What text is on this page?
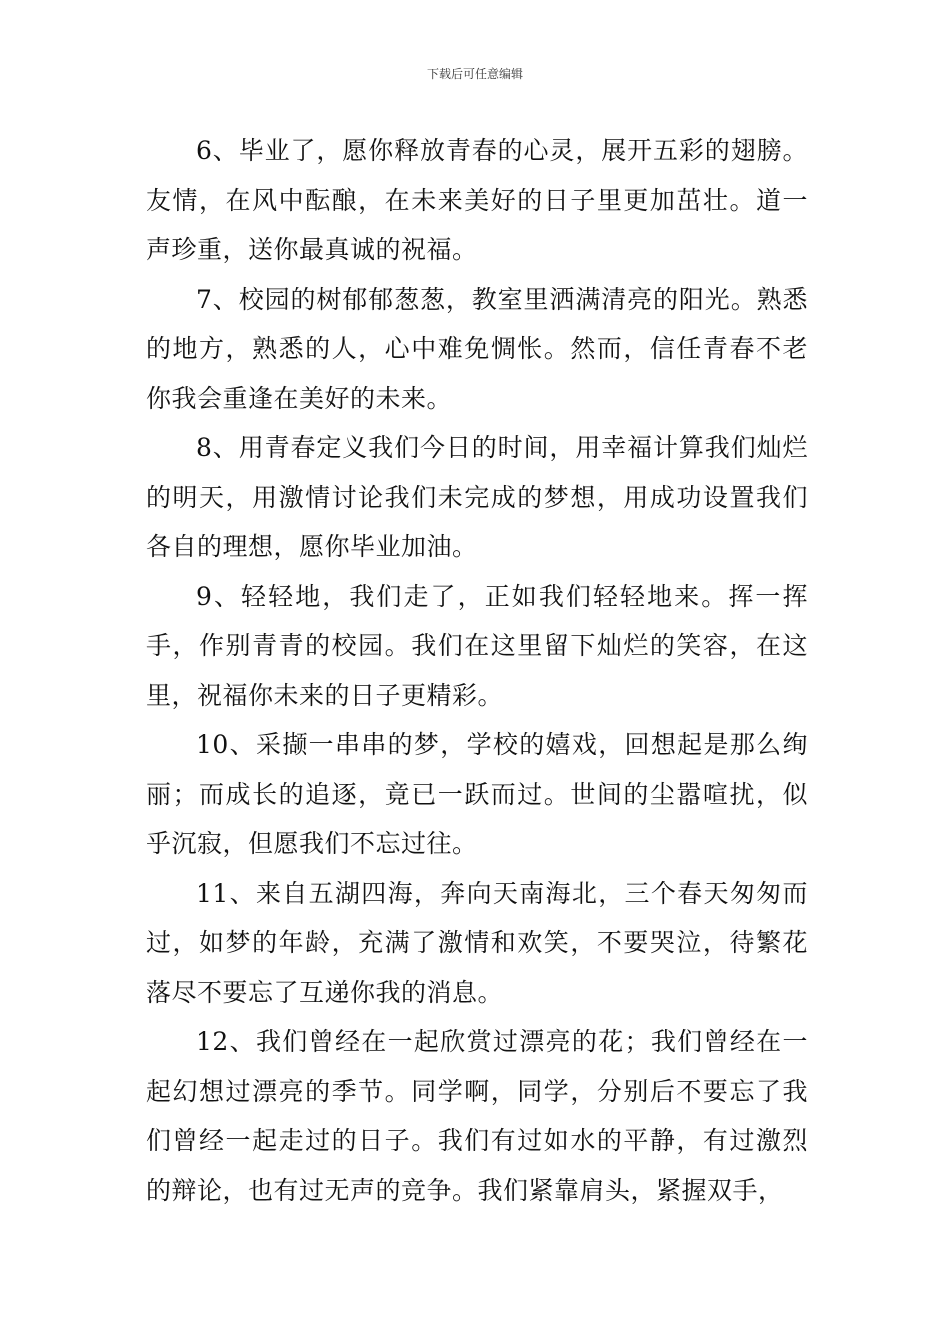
下载后可任意编辑

6、毕业了，愿你释放青春的心灵，展开五彩的翅膀。友情，在风中酝酿，在未来美好的日子里更加茁壮。道一声珍重，送你最真诚的祝福。

7、校园的树郁郁葱葱，教室里洒满清亮的阳光。熟悉的地方，熟悉的人，心中难免惆怅。然而，信任青春不老你我会重逢在美好的未来。

8、用青春定义我们今日的时间，用幸福计算我们灿烂的明天，用激情讨论我们未完成的梦想，用成功设置我们各自的理想，愿你毕业加油。

9、轻轻地，我们走了，正如我们轻轻地来。挥一挥手，作别青青的校园。我们在这里留下灿烂的笑容，在这里，祝福你未来的日子更精彩。

10、采撷一串串的梦，学校的嬉戏，回想起是那么绚丽；而成长的追逐，竟已一跃而过。世间的尘嚣喧扰，似乎沉寂，但愿我们不忘过往。

11、来自五湖四海，奔向天南海北，三个春天匆匆而过，如梦的年龄，充满了激情和欢笑，不要哭泣，待繁花落尽不要忘了互递你我的消息。

12、我们曾经在一起欣赏过漂亮的花；我们曾经在一起幻想过漂亮的季节。同学啊，同学，分别后不要忘了我们曾经一起走过的日子。我们有过如水的平静，有过激烈的辩论，也有过无声的竞争。我们紧靠肩头，紧握双手，
